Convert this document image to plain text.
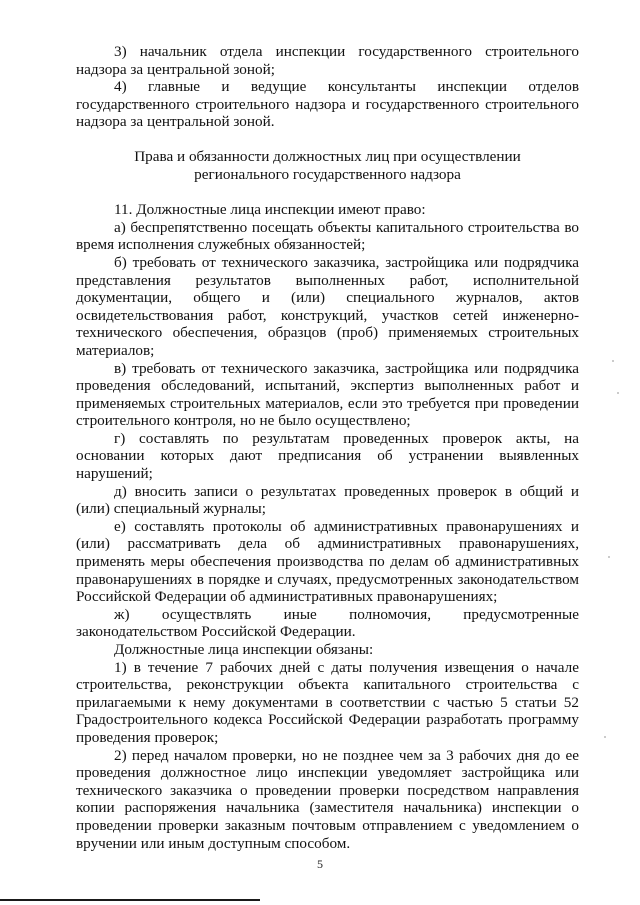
3) начальник отдела инспекции государственного строительного надзора за центральной зоной;

4) главные и ведущие консультанты инспекции отделов государственного строительного надзора и государственного строительного надзора за центральной зоной.

Права и обязанности должностных лиц при осуществлении

регионального государственного надзора

11. Должностные лица инспекции имеют право:

а) беспрепятственно посещать объекты капитального строительства во время исполнения служебных обязанностей;

б) требовать от технического заказчика, застройщика или подрядчика представления результатов выполненных работ, исполнительной документации, общего и (или) специального журналов, актов освидетельствования работ, конструкций, участков сетей инженерно-технического обеспечения, образцов (проб) применяемых строительных материалов;

в) требовать от технического заказчика, застройщика или подрядчика проведения обследований, испытаний, экспертиз выполненных работ и применяемых строительных материалов, если это требуется при проведении строительного контроля, но не было осуществлено;

г) составлять по результатам проведенных проверок акты, на основании которых дают предписания об устранении выявленных нарушений;

д) вносить записи о результатах проведенных проверок в общий и (или) специальный журналы;

е) составлять протоколы об административных правонарушениях и (или) рассматривать дела об административных правонарушениях, применять меры обеспечения производства по делам об административных правонарушениях в порядке и случаях, предусмотренных законодательством Российской Федерации об административных правонарушениях;

ж) осуществлять иные полномочия, предусмотренные законодательством Российской Федерации.

Должностные лица инспекции обязаны:

1) в течение 7 рабочих дней с даты получения извещения о начале строительства, реконструкции объекта капитального строительства с прилагаемыми к нему документами в соответствии с частью 5 статьи 52 Градостроительного кодекса Российской Федерации разработать программу проведения проверок;

2) перед началом проверки, но не позднее чем за 3 рабочих дня до ее проведения должностное лицо инспекции уведомляет застройщика или технического заказчика о проведении проверки посредством направления копии распоряжения начальника (заместителя начальника) инспекции о проведении проверки заказным почтовым отправлением с уведомлением о вручении или иным доступным способом.

5
